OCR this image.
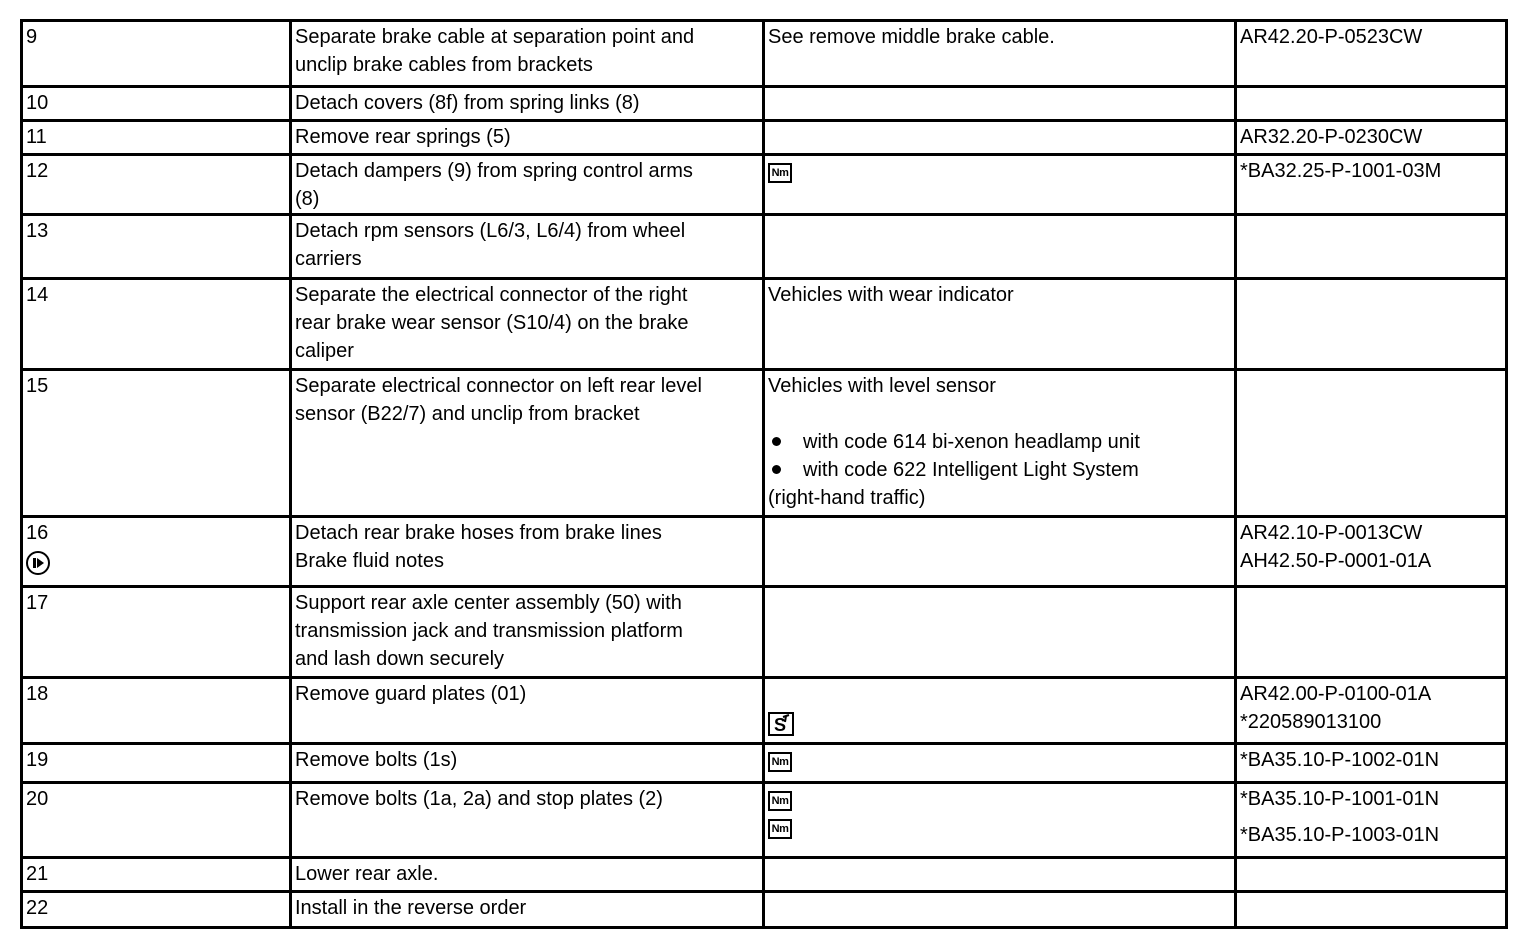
9	Separate brake cable at separation point and
unclip brake cables from brackets	See remove middle brake cable.	AR42.20-P-0523CW

10	Detach covers (8f) from spring links (8)		

11	Remove rear springs (5)		AR32.20-P-0230CW

12	Detach dampers (9) from spring control arms
(8)	Nm	*BA32.25-P-1001-03M

13	Detach rpm sensors (L6/3, L6/4) from wheel
carriers		

14	Separate the electrical connector of the right
rear brake wear sensor (S10/4) on the brake
caliper	Vehicles with wear indicator	

15	Separate electrical connector on left rear level
sensor (B22/7) and unclip from bracket	Vehicles with level sensor
with code 614 bi-xenon headlamp unit
with code 622 Intelligent Light System
(right-hand traffic)	

16	Detach rear brake hoses from brake lines
Brake fluid notes		AR42.10-P-0013CW
AH42.50-P-0001-01A

17	Support rear axle center assembly (50) with
transmission jack and transmission platform
and lash down securely		

18	Remove guard plates (01)	S	AR42.00-P-0100-01A
*220589013100

19	Remove bolts (1s)	Nm	*BA35.10-P-1002-01N

20	Remove bolts (1a, 2a) and stop plates (2)	Nm
Nm	*BA35.10-P-1001-01N
*BA35.10-P-1003-01N

21	Lower rear axle.		

22	Install in the reverse order		
